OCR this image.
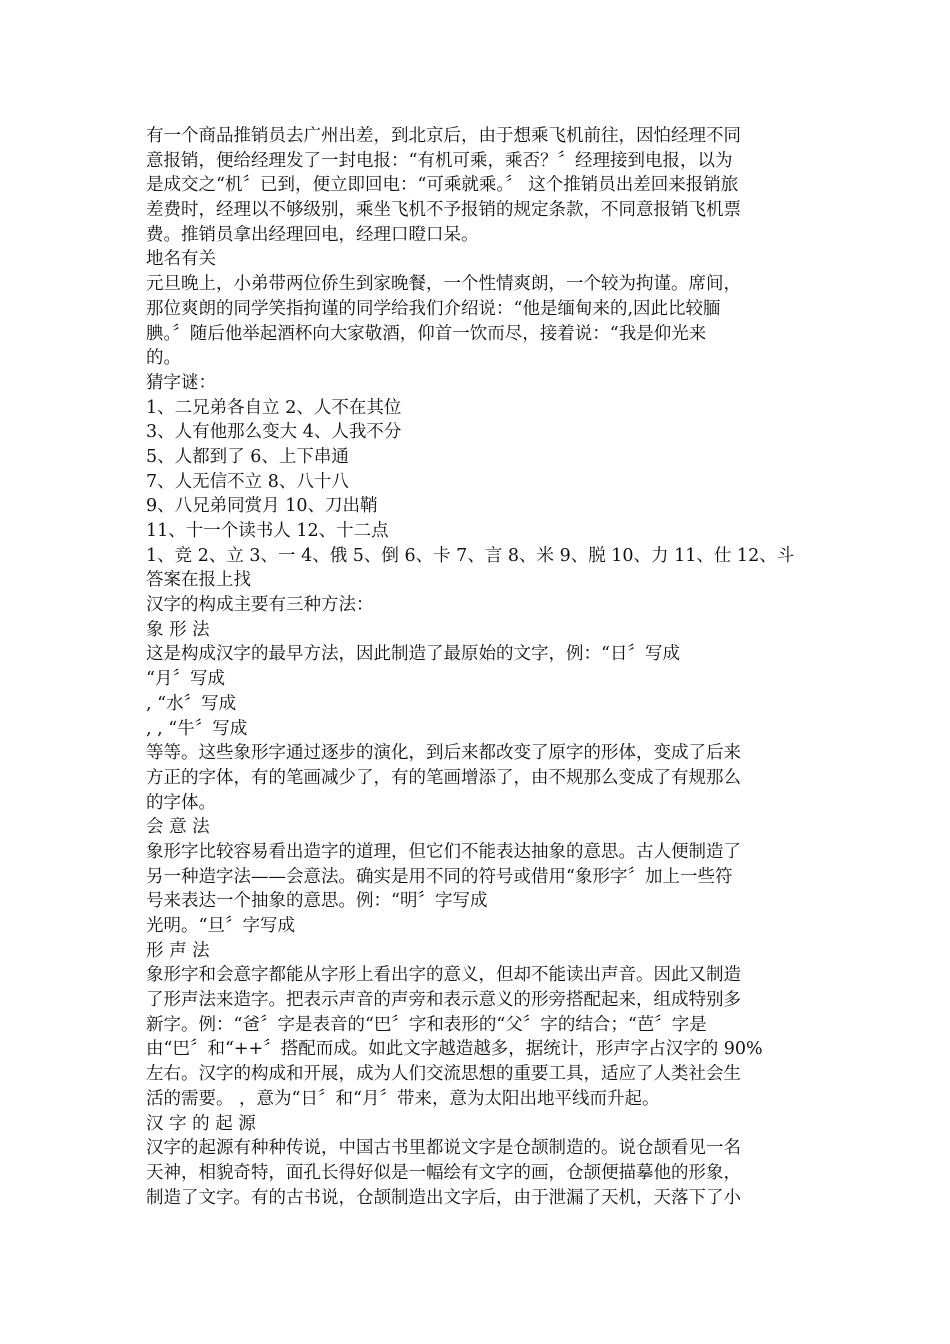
有一个商品推销员去广州出差，到北京后，由于想乘飞机前往，因怕经理不同
意报销，便给经理发了一封电报：“有机可乘，乘否？〞经理接到电报，以为
是成交之“机〞已到，便立即回电：“可乘就乘。〞 这个推销员出差回来报销旅
差费时，经理以不够级别，乘坐飞机不予报销的规定条款，不同意报销飞机票
费。推销员拿出经理回电，经理口瞪口呆。
地名有关
元旦晚上，小弟带两位侨生到家晚餐，一个性情爽朗，一个较为拘谨。席间，
那位爽朗的同学笑指拘谨的同学给我们介绍说：“他是缅甸来的,因此比较腼
腆。〞随后他举起酒杯向大家敬酒，仰首一饮而尽，接着说：“我是仰光来
的。
猜字谜：
1、二兄弟各自立 2、人不在其位
3、人有他那么变大 4、人我不分
5、人都到了 6、上下串通
7、人无信不立 8、八十八
9、八兄弟同赏月 10、刀出鞘
11、十一个读书人 12、十二点
1、竞 2、立 3、一 4、俄 5、倒 6、卡 7、言 8、米 9、脱 10、力 11、仕 12、斗
答案在报上找
汉字的构成主要有三种方法：
象 形 法
这是构成汉字的最早方法，因此制造了最原始的文字，例：“日〞写成
“月〞写成
, “水〞写成
, , “牛〞写成
等等。这些象形字通过逐步的演化，到后来都改变了原字的形体，变成了后来
方正的字体，有的笔画减少了，有的笔画增添了，由不规那么变成了有规那么
的字体。
会 意 法
象形字比较容易看出造字的道理，但它们不能表达抽象的意思。古人便制造了
另一种造字法——会意法。确实是用不同的符号或借用“象形字〞加上一些符
号来表达一个抽象的意思。例：“明〞字写成
光明。“旦〞字写成
形 声 法
象形字和会意字都能从字形上看出字的意义，但却不能读出声音。因此又制造
了形声法来造字。把表示声音的声旁和表示意义的形旁搭配起来，组成特别多
新字。例：“爸〞字是表音的“巴〞字和表形的“父〞字的结合；“芭〞字是
由“巴〞和“++〞搭配而成。如此文字越造越多，据统计，形声字占汉字的 90%
左右。汉字的构成和开展，成为人们交流思想的重要工具，适应了人类社会生
活的需要。 ，意为“日〞和“月〞带来，意为太阳出地平线而升起。
汉 字 的 起 源
汉字的起源有种种传说，中国古书里都说文字是仓颉制造的。说仓颉看见一名
天神，相貌奇特，面孔长得好似是一幅绘有文字的画，仓颉便描摹他的形象，
制造了文字。有的古书说，仓颉制造出文字后，由于泄漏了天机，天落下了小
